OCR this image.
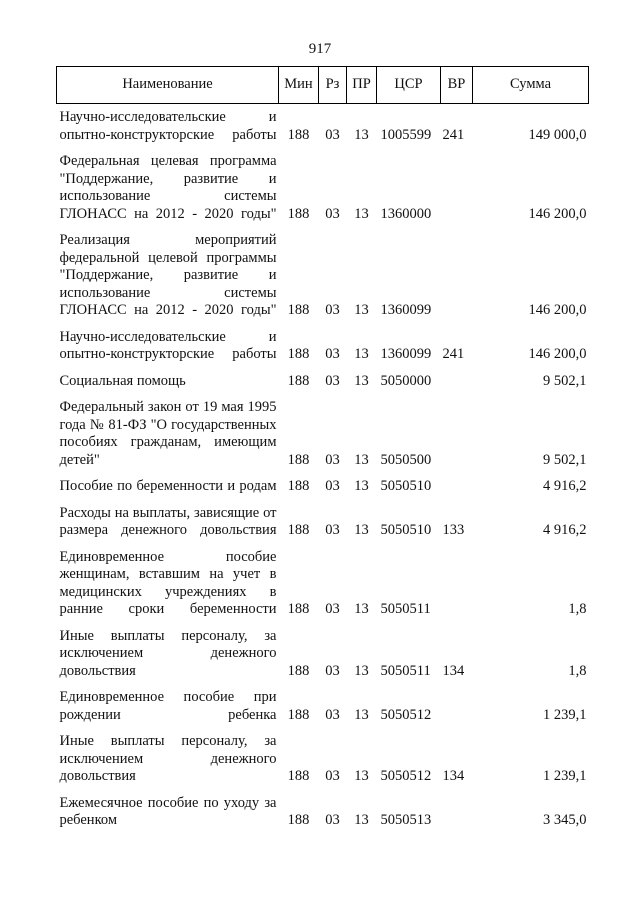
917
Наименование	Мин	Рз	ПР	ЦСР	ВР	Сумма
Научно-исследовательские и опытно-конструкторские работы	188	03	13	1005599	241	149 000,0
Федеральная целевая программа "Поддержание, развитие и использование системы ГЛОНАСС на 2012 - 2020 годы"	188	03	13	1360000		146 200,0
Реализация мероприятий федеральной целевой программы "Поддержание, развитие и использование системы ГЛОНАСС на 2012 - 2020 годы"	188	03	13	1360099		146 200,0
Научно-исследовательские и опытно-конструкторские работы	188	03	13	1360099	241	146 200,0
Социальная помощь	188	03	13	5050000		9 502,1
Федеральный закон от 19 мая 1995 года № 81-ФЗ "О государственных пособиях гражданам, имеющим детей"	188	03	13	5050500		9 502,1
Пособие по беременности и родам	188	03	13	5050510		4 916,2
Расходы на выплаты, зависящие от размера денежного довольствия	188	03	13	5050510	133	4 916,2
Единовременное пособие женщинам, вставшим на учет в медицинских учреждениях в ранние сроки беременности	188	03	13	5050511		1,8
Иные выплаты персоналу, за исключением денежного довольствия	188	03	13	5050511	134	1,8
Единовременное пособие при рождении ребенка	188	03	13	5050512		1 239,1
Иные выплаты персоналу, за исключением денежного довольствия	188	03	13	5050512	134	1 239,1
Ежемесячное пособие по уходу за ребенком	188	03	13	5050513		3 345,0
